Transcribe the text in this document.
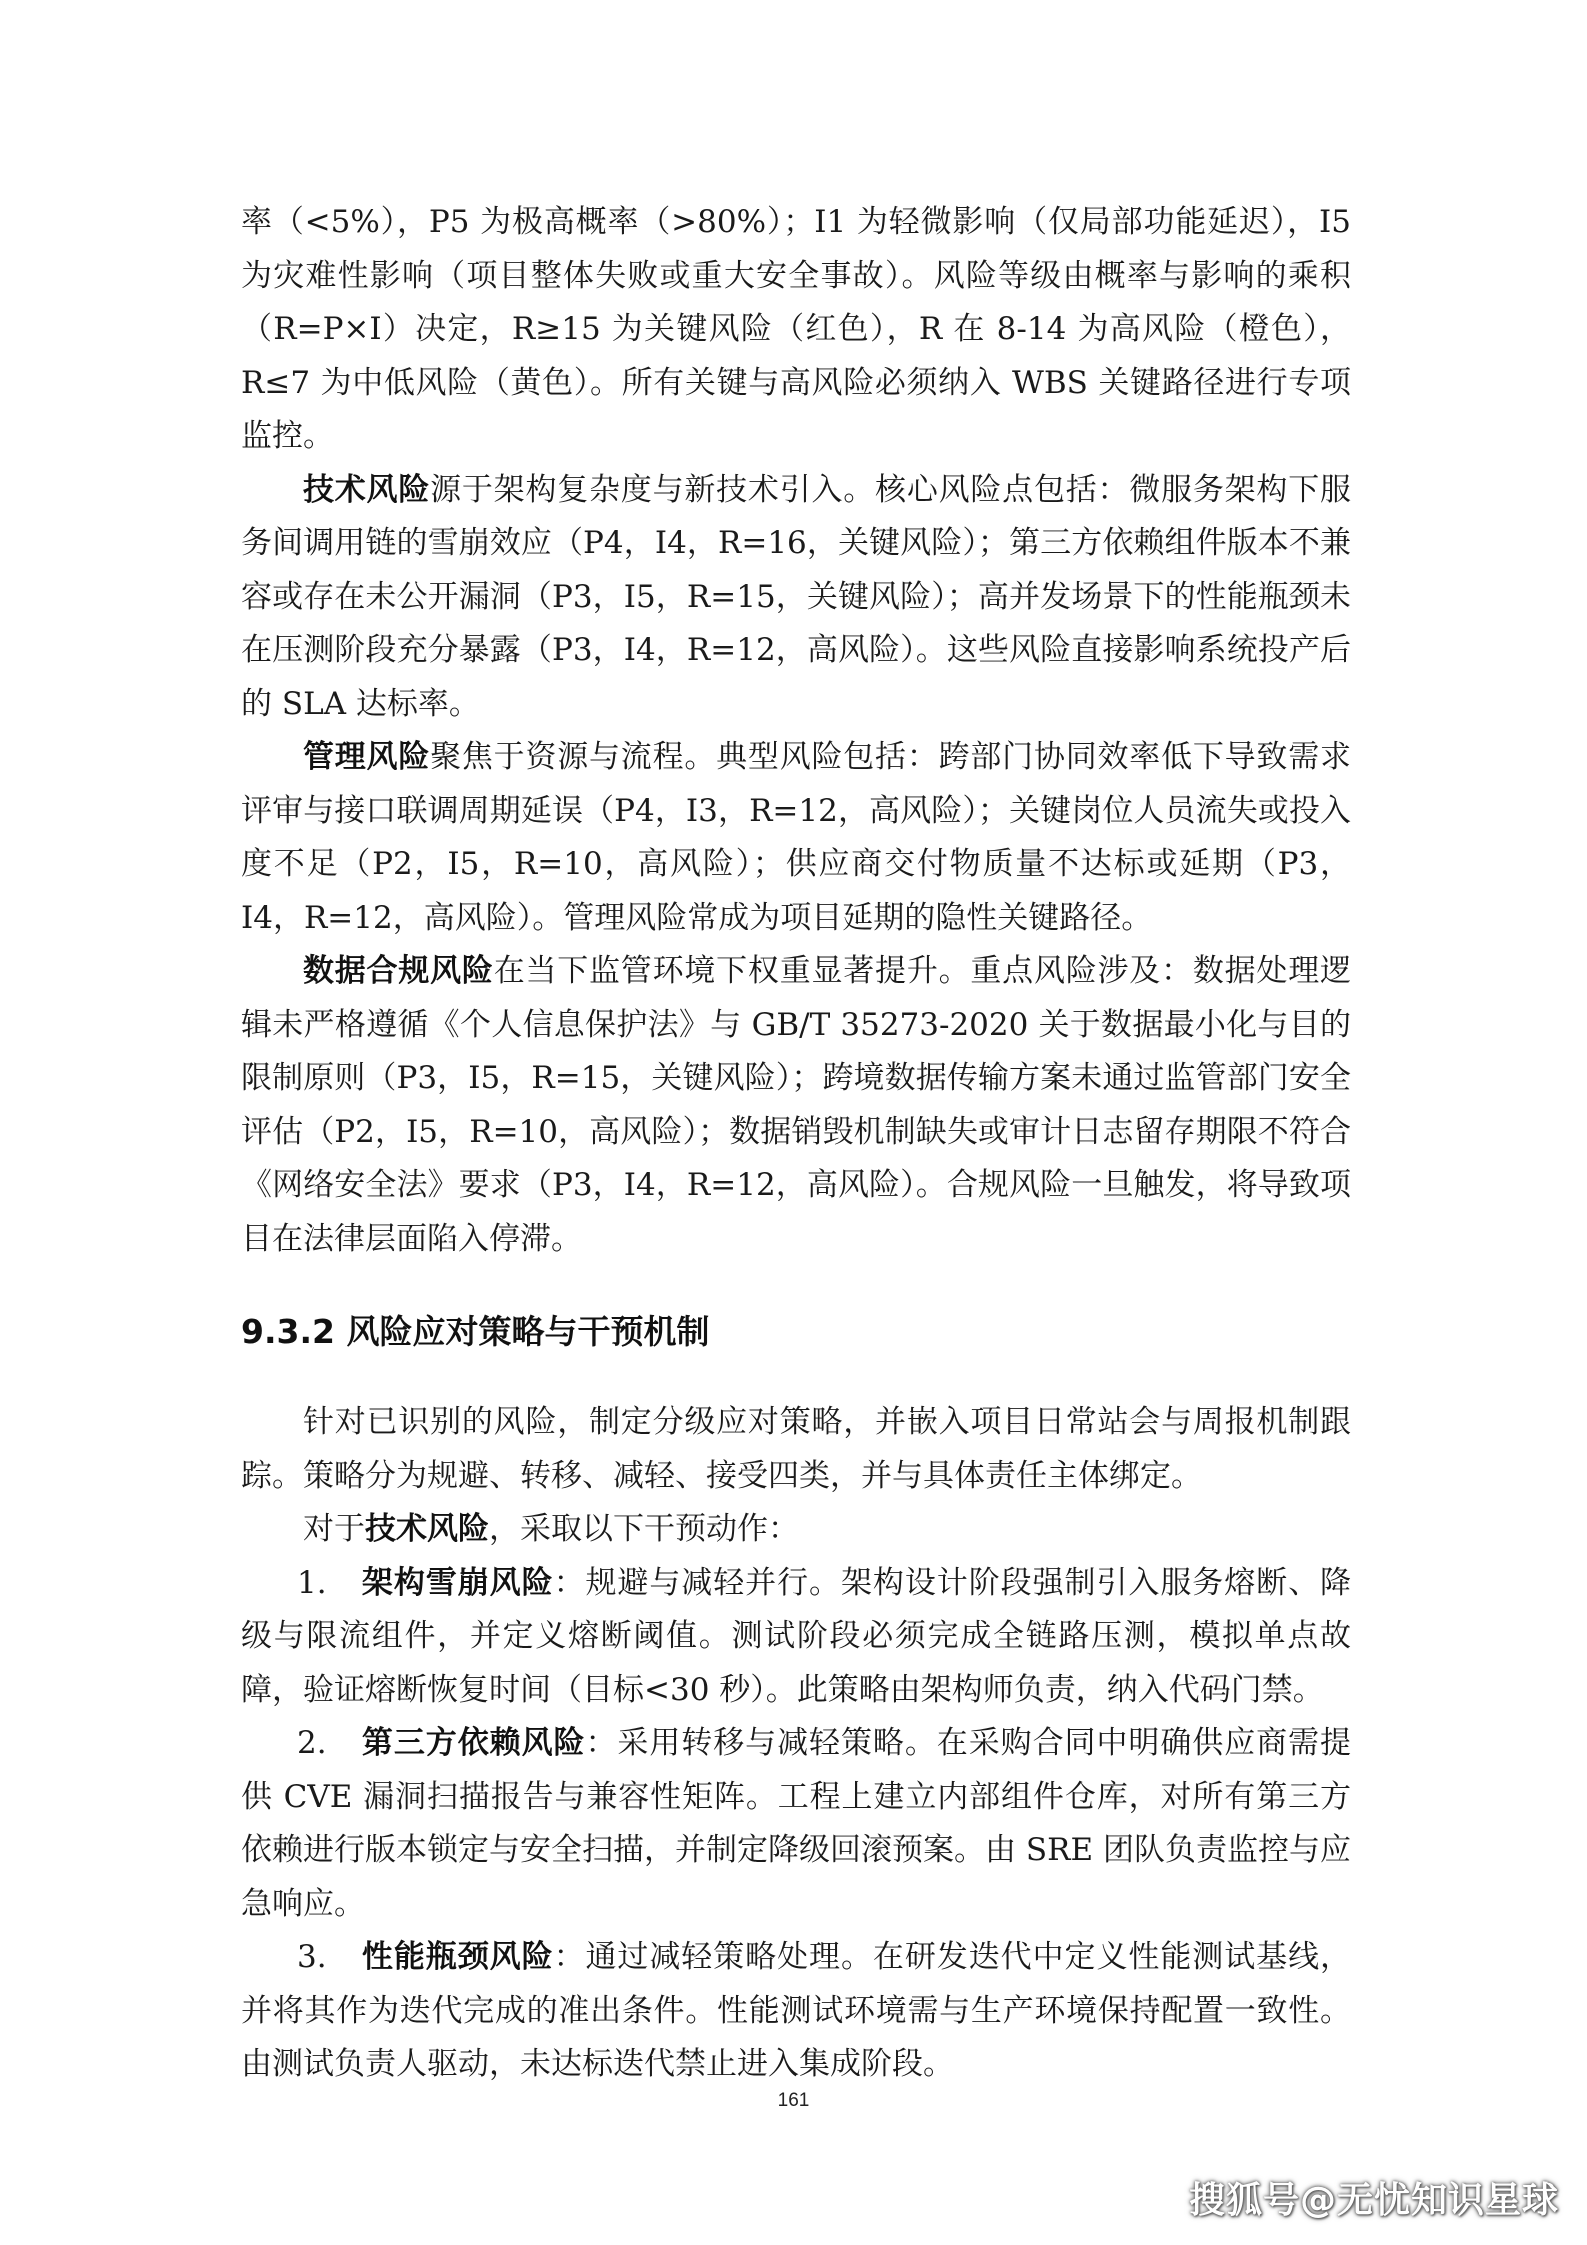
率（<5%），P5 为极高概率（>80%）；I1 为轻微影响（仅局部功能延迟），I5 为灾难性影响（项目整体失败或重大安全事故）。风险等级由概率与影响的乘积（R=P×I）决定，R≥15 为关键风险（红色），R 在 8-14 为高风险（橙色），R≤7 为中低风险（黄色）。所有关键与高风险必须纳入 WBS 关键路径进行专项监控。

技术风险源于架构复杂度与新技术引入。核心风险点包括：微服务架构下服务间调用链的雪崩效应（P4，I4，R=16，关键风险）；第三方依赖组件版本不兼容或存在未公开漏洞（P3，I5，R=15，关键风险）；高并发场景下的性能瓶颈未在压测阶段充分暴露（P3，I4，R=12，高风险）。这些风险直接影响系统投产后的 SLA 达标率。

管理风险聚焦于资源与流程。典型风险包括：跨部门协同效率低下导致需求评审与接口联调周期延误（P4，I3，R=12，高风险）；关键岗位人员流失或投入度不足（P2，I5，R=10，高风险）；供应商交付物质量不达标或延期（P3，I4，R=12，高风险）。管理风险常成为项目延期的隐性关键路径。

数据合规风险在当下监管环境下权重显著提升。重点风险涉及：数据处理逻辑未严格遵循《个人信息保护法》与 GB/T 35273-2020 关于数据最小化与目的限制原则（P3，I5，R=15，关键风险）；跨境数据传输方案未通过监管部门安全评估（P2，I5，R=10，高风险）；数据销毁机制缺失或审计日志留存期限不符合《网络安全法》要求（P3，I4，R=12，高风险）。合规风险一旦触发，将导致项目在法律层面陷入停滞。

9.3.2 风险应对策略与干预机制

针对已识别的风险，制定分级应对策略，并嵌入项目日常站会与周报机制跟踪。策略分为规避、转移、减轻、接受四类，并与具体责任主体绑定。

对于技术风险，采取以下干预动作：

1. 架构雪崩风险：规避与减轻并行。架构设计阶段强制引入服务熔断、降级与限流组件，并定义熔断阈值。测试阶段必须完成全链路压测，模拟单点故障，验证熔断恢复时间（目标<30 秒）。此策略由架构师负责，纳入代码门禁。

2. 第三方依赖风险：采用转移与减轻策略。在采购合同中明确供应商需提供 CVE 漏洞扫描报告与兼容性矩阵。工程上建立内部组件仓库，对所有第三方依赖进行版本锁定与安全扫描，并制定降级回滚预案。由 SRE 团队负责监控与应急响应。

3. 性能瓶颈风险：通过减轻策略处理。在研发迭代中定义性能测试基线，并将其作为迭代完成的准出条件。性能测试环境需与生产环境保持配置一致性。由测试负责人驱动，未达标迭代禁止进入集成阶段。

161
搜狐号@无忧知识星球
